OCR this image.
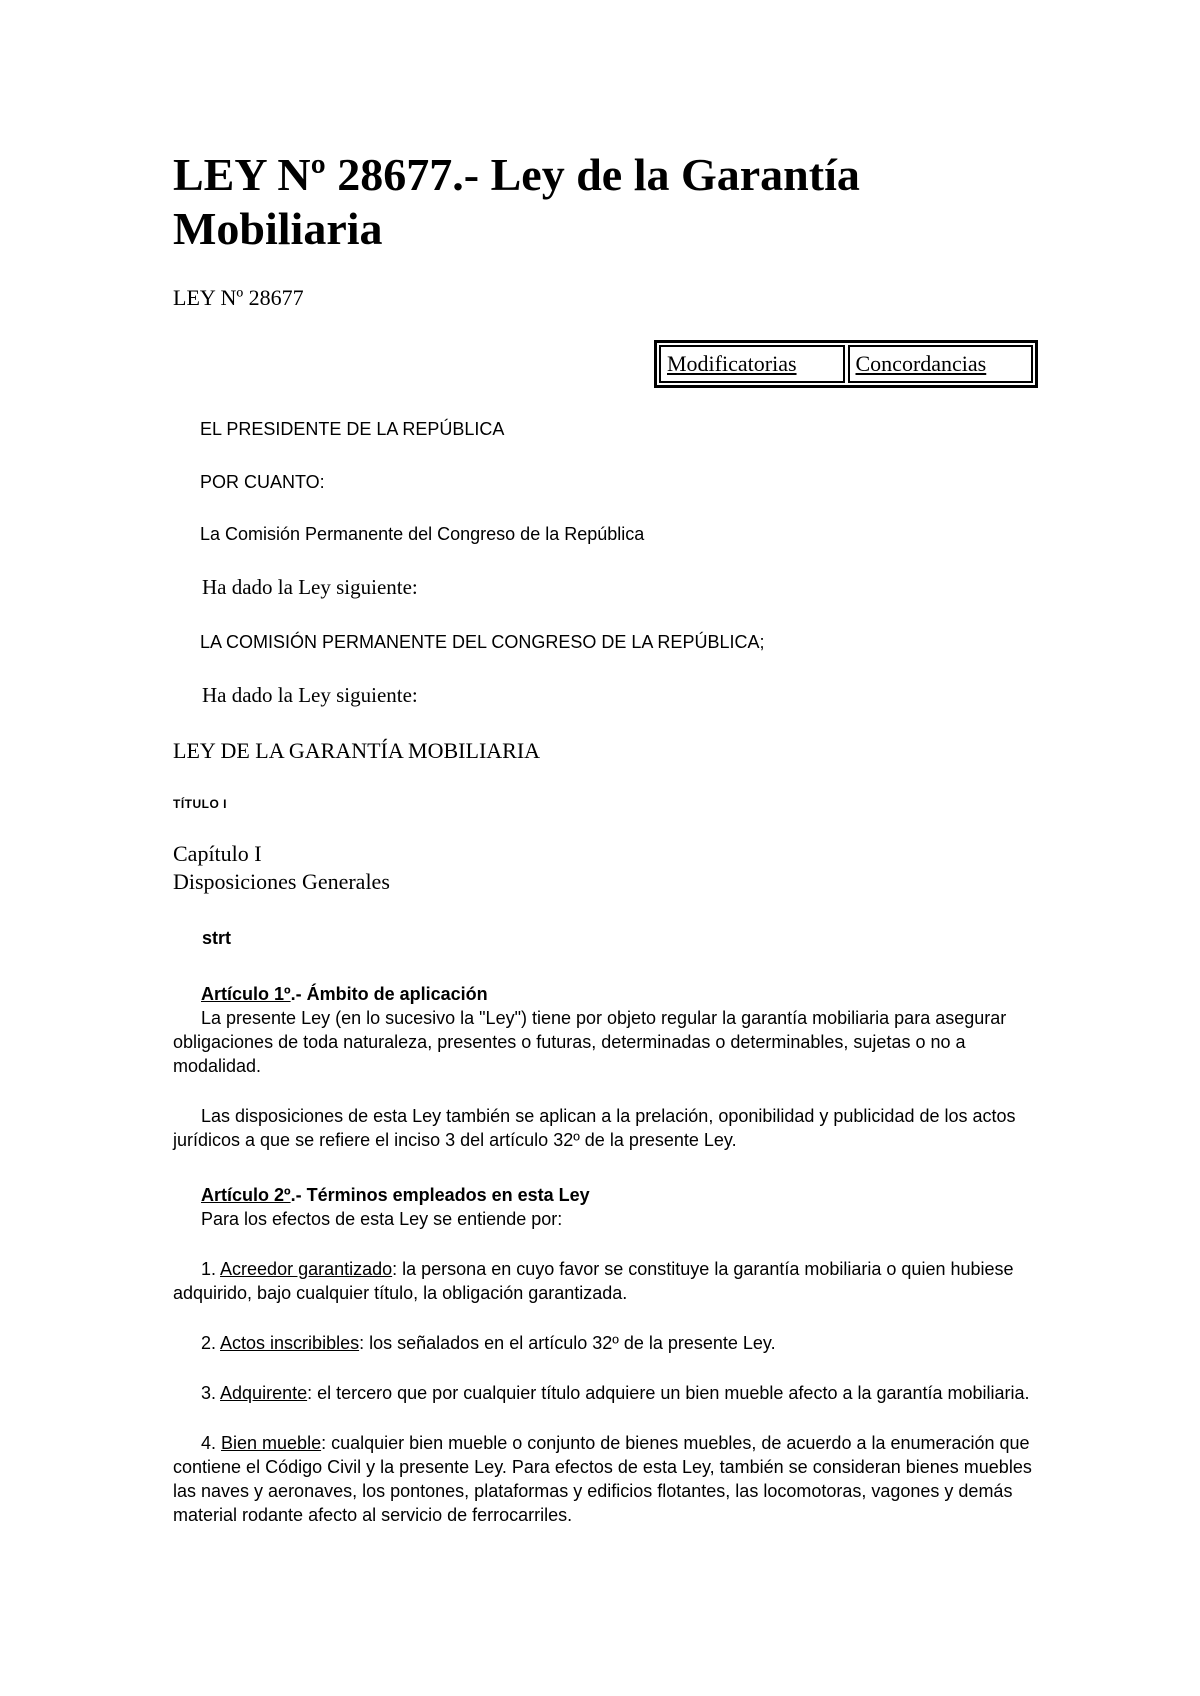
LEY Nº 28677.- Ley de la Garantía Mobiliaria
LEY Nº 28677
Modificatorias	Concordancias
EL PRESIDENTE DE LA REPÚBLICA
POR CUANTO:
La Comisión Permanente del Congreso de la República
Ha dado la Ley siguiente:
LA COMISIÓN PERMANENTE DEL CONGRESO DE LA REPÚBLICA;
Ha dado la Ley siguiente:
LEY DE LA GARANTÍA MOBILIARIA
TÍTULO I
Capítulo I
Disposiciones Generales
strt
Artículo 1º.- Ámbito de aplicación
La presente Ley (en lo sucesivo la "Ley") tiene por objeto regular la garantía mobiliaria para asegurar obligaciones de toda naturaleza, presentes o futuras, determinadas o determinables, sujetas o no a modalidad.
Las disposiciones de esta Ley también se aplican a la prelación, oponibilidad y publicidad de los actos jurídicos a que se refiere el inciso 3 del artículo 32º de la presente Ley.
Artículo 2º.- Términos empleados en esta Ley
Para los efectos de esta Ley se entiende por:
1. Acreedor garantizado: la persona en cuyo favor se constituye la garantía mobiliaria o quien hubiese adquirido, bajo cualquier título, la obligación garantizada.
2. Actos inscribibles: los señalados en el artículo 32º de la presente Ley.
3. Adquirente: el tercero que por cualquier título adquiere un bien mueble afecto a la garantía mobiliaria.
4. Bien mueble: cualquier bien mueble o conjunto de bienes muebles, de acuerdo a la enumeración que contiene el Código Civil y la presente Ley. Para efectos de esta Ley, también se consideran bienes muebles las naves y aeronaves, los pontones, plataformas y edificios flotantes, las locomotoras, vagones y demás material rodante afecto al servicio de ferrocarriles.
